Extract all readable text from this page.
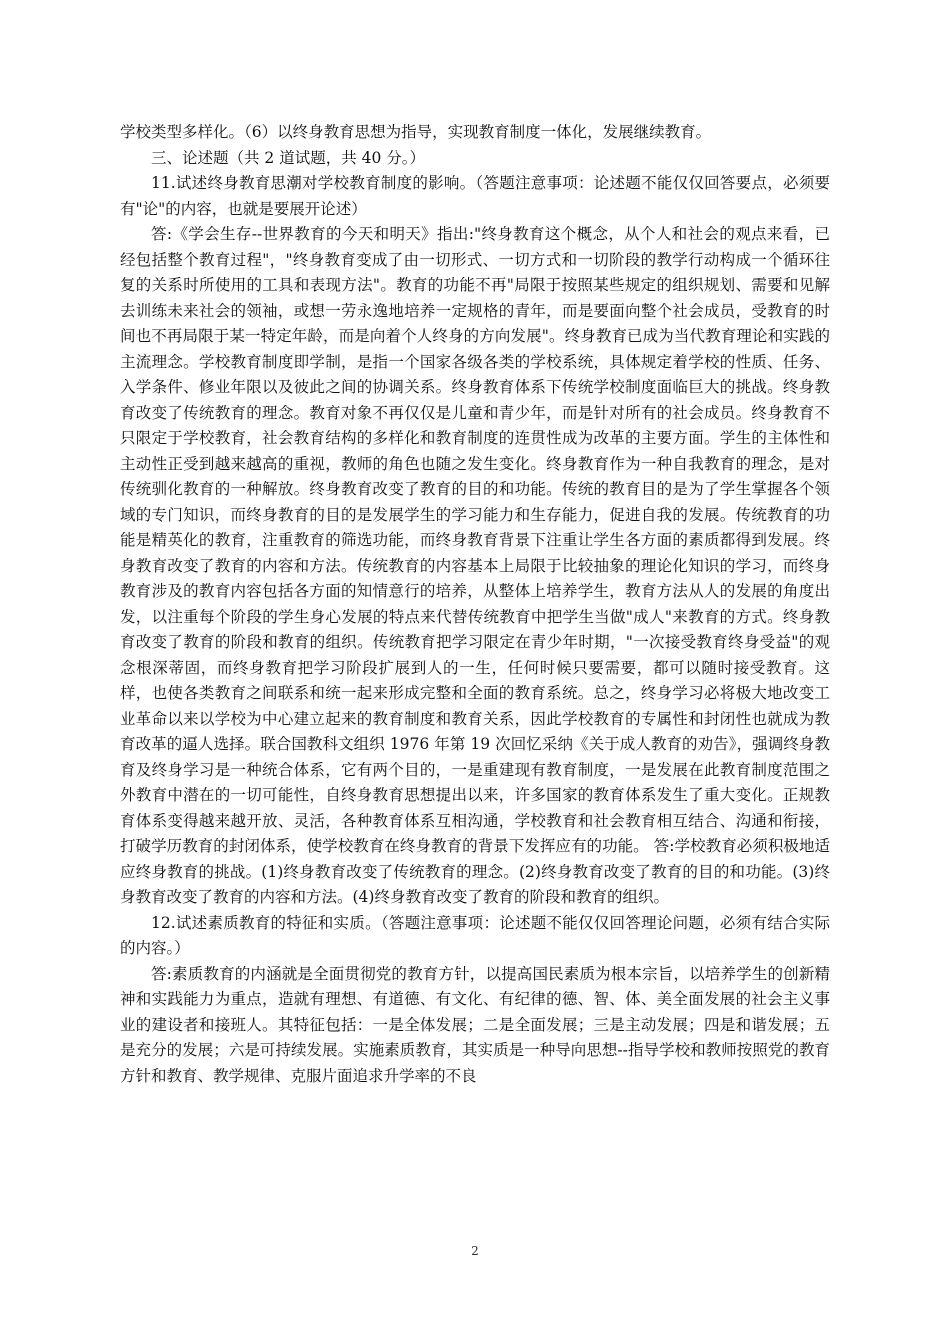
学校类型多样化。（6）以终身教育思想为指导，实现教育制度一体化，发展继续教育。

三、论述题（共 2 道试题，共 40 分。）

11.试述终身教育思潮对学校教育制度的影响。（答题注意事项：论述题不能仅仅回答要点，必须要有"论"的内容，也就是要展开论述）

答:《学会生存--世界教育的今天和明天》指出:"终身教育这个概念，从个人和社会的观点来看，已经包括整个教育过程"，"终身教育变成了由一切形式、一切方式和一切阶段的教学行动构成一个循环往复的关系时所使用的工具和表现方法"。教育的功能不再"局限于按照某些规定的组织规划、需要和见解去训练未来社会的领袖，或想一劳永逸地培养一定规格的青年，而是要面向整个社会成员，受教育的时间也不再局限于某一特定年龄，而是向着个人终身的方向发展"。终身教育已成为当代教育理论和实践的主流理念。学校教育制度即学制，是指一个国家各级各类的学校系统，具体规定着学校的性质、任务、入学条件、修业年限以及彼此之间的协调关系。终身教育体系下传统学校制度面临巨大的挑战。终身教育改变了传统教育的理念。教育对象不再仅仅是儿童和青少年，而是针对所有的社会成员。终身教育不只限定于学校教育，社会教育结构的多样化和教育制度的连贯性成为改革的主要方面。学生的主体性和主动性正受到越来越高的重视，教师的角色也随之发生变化。终身教育作为一种自我教育的理念，是对传统驯化教育的一种解放。终身教育改变了教育的目的和功能。传统的教育目的是为了学生掌握各个领域的专门知识，而终身教育的目的是发展学生的学习能力和生存能力，促进自我的发展。传统教育的功能是精英化的教育，注重教育的筛选功能，而终身教育背景下注重让学生各方面的素质都得到发展。终身教育改变了教育的内容和方法。传统教育的内容基本上局限于比较抽象的理论化知识的学习，而终身教育涉及的教育内容包括各方面的知情意行的培养，从整体上培养学生，教育方法从人的发展的角度出发，以注重每个阶段的学生身心发展的特点来代替传统教育中把学生当做"成人"来教育的方式。终身教育改变了教育的阶段和教育的组织。传统教育把学习限定在青少年时期，"一次接受教育终身受益"的观念根深蒂固，而终身教育把学习阶段扩展到人的一生，任何时候只要需要，都可以随时接受教育。这样，也使各类教育之间联系和统一起来形成完整和全面的教育系统。总之，终身学习必将极大地改变工业革命以来以学校为中心建立起来的教育制度和教育关系，因此学校教育的专属性和封闭性也就成为教育改革的逼人选择。联合国教科文组织 1976 年第 19 次回忆采纳《关于成人教育的劝告》，强调终身教育及终身学习是一种统合体系，它有两个目的，一是重建现有教育制度，一是发展在此教育制度范围之外教育中潜在的一切可能性，自终身教育思想提出以来，许多国家的教育体系发生了重大变化。正规教育体系变得越来越开放、灵活，各种教育体系互相沟通，学校教育和社会教育相互结合、沟通和衔接，打破学历教育的封闭体系，使学校教育在终身教育的背景下发挥应有的功能。 答:学校教育必须积极地适应终身教育的挑战。(1)终身教育改变了传统教育的理念。(2)终身教育改变了教育的目的和功能。(3)终身教育改变了教育的内容和方法。(4)终身教育改变了教育的阶段和教育的组织。

12.试述素质教育的特征和实质。（答题注意事项：论述题不能仅仅回答理论问题，必须有结合实际的内容。）

答:素质教育的内涵就是全面贯彻党的教育方针，以提高国民素质为根本宗旨，以培养学生的创新精神和实践能力为重点，造就有理想、有道德、有文化、有纪律的德、智、体、美全面发展的社会主义事业的建设者和接班人。其特征包括：一是全体发展；二是全面发展；三是主动发展；四是和谐发展；五是充分的发展；六是可持续发展。实施素质教育，其实质是一种导向思想--指导学校和教师按照党的教育方针和教育、教学规律、克服片面追求升学率的不良

2
